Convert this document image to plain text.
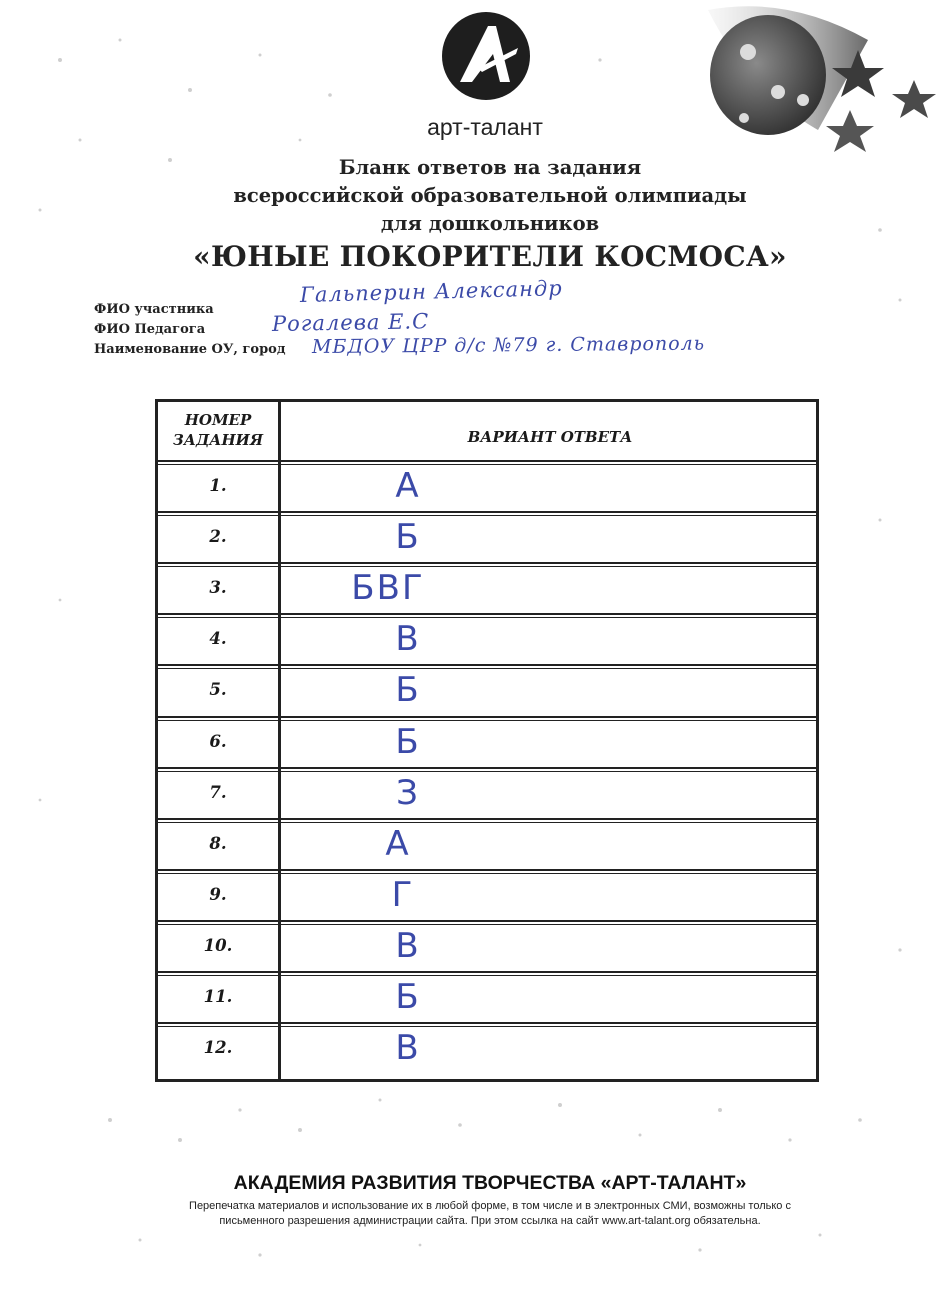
арт-талант
Бланк ответов на задания
всероссийской образовательной олимпиады
для дошкольников
«ЮНЫЕ ПОКОРИТЕЛИ КОСМОСА»
ФИО участника
Гальперин Александр
ФИО Педагога	Рогалева Е.С
Наименование ОУ, город МБДОУ ЦРР д/с №79 г. Ставрополь
НОМЕР
ЗАДАНИЯ	ВАРИАНТ ОТВЕТА
1.	А
2.	Б
3.	БВГ
4.	В
5.	Б
6.	Б
7.	З
8.	А
9.	Г
10.	В
11.	Б
12.	В
АКАДЕМИЯ РАЗВИТИЯ ТВОРЧЕСТВА «АРТ-ТАЛАНТ»
Перепечатка материалов и использование их в любой форме, в том числе и в электронных СМИ, возможны только с
письменного разрешения администрации сайта. При этом ссылка на сайт www.art-talant.org обязательна.
